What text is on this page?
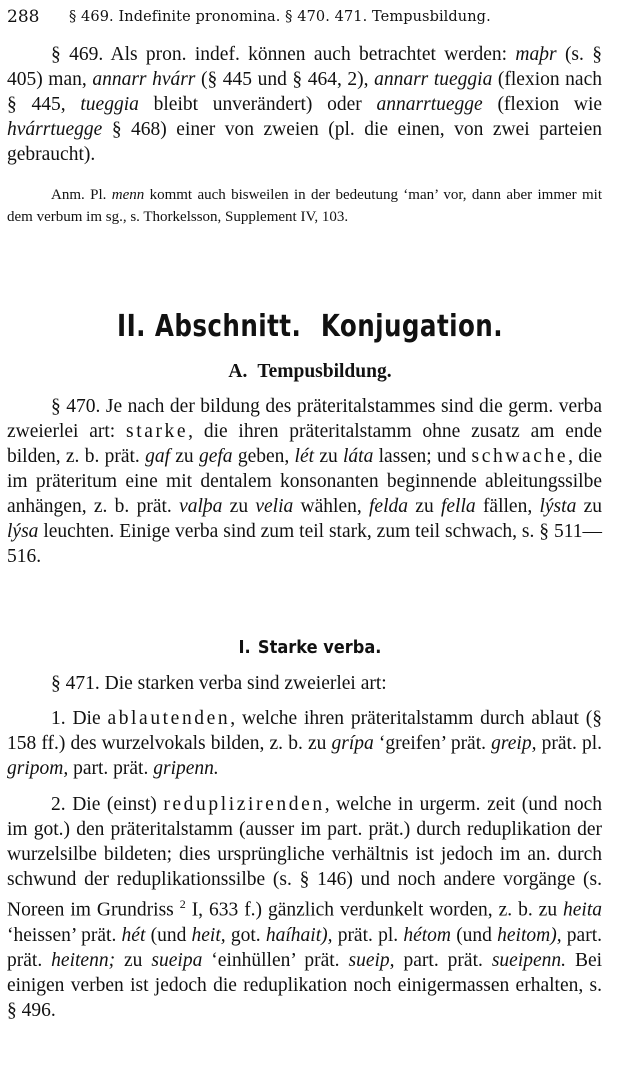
288 § 469. Indefinite pronomina. § 470. 471. Tempusbildung.

§ 469. Als pron. indef. können auch betrachtet werden: maþr (s. § 405) man, annarr hvárr (§ 445 und § 464, 2), annarr tueggia (flexion nach § 445, tueggia bleibt unverändert) oder annarrtuegge (flexion wie hvárrtuegge § 468) einer von zweien (pl. die einen, von zwei parteien gebraucht).

Anm. Pl. menn kommt auch bisweilen in der bedeutung ‘man’ vor, dann aber immer mit dem verbum im sg., s. Thorkelsson, Supplement IV, 103.

II. Abschnitt. Konjugation.
A. Tempusbildung.

§ 470. Je nach der bildung des präteritalstammes sind die germ. verba zweierlei art: starke, die ihren präteritalstamm ohne zusatz am ende bilden, z. b. prät. gaf zu gefa geben, lét zu láta lassen; und schwache, die im präteritum eine mit dentalem konsonanten beginnende ableitungssilbe anhängen, z. b. prät. valþa zu velia wählen, felda zu fella fällen, lýsta zu lýsa leuchten. Einige verba sind zum teil stark, zum teil schwach, s. § 511—516.

I. Starke verba.

§ 471. Die starken verba sind zweierlei art:

1. Die ablautenden, welche ihren präteritalstamm durch ablaut (§ 158 ff.) des wurzelvokals bilden, z. b. zu grípa ‘greifen’ prät. greip, prät. pl. gripom, part. prät. gripenn.

2. Die (einst) reduplizirenden, welche in urgerm. zeit (und noch im got.) den präteritalstamm (ausser im part. prät.) durch reduplikation der wurzelsilbe bildeten; dies ursprüngliche verhältnis ist jedoch im an. durch schwund der reduplikationssilbe (s. § 146) und noch andere vorgänge (s. Noreen im Grundriss $^2$ I, 633 f.) gänzlich verdunkelt worden, z. b. zu heita ‘heissen’ prät. hét (und heit, got. haíhait), prät. pl. hétom (und heitom), part. prät. heitenn; zu sueipa ‘einhüllen’ prät. sueip, part. prät. sueipenn. Bei einigen verben ist jedoch die reduplikation noch einigermassen erhalten, s. § 496.
